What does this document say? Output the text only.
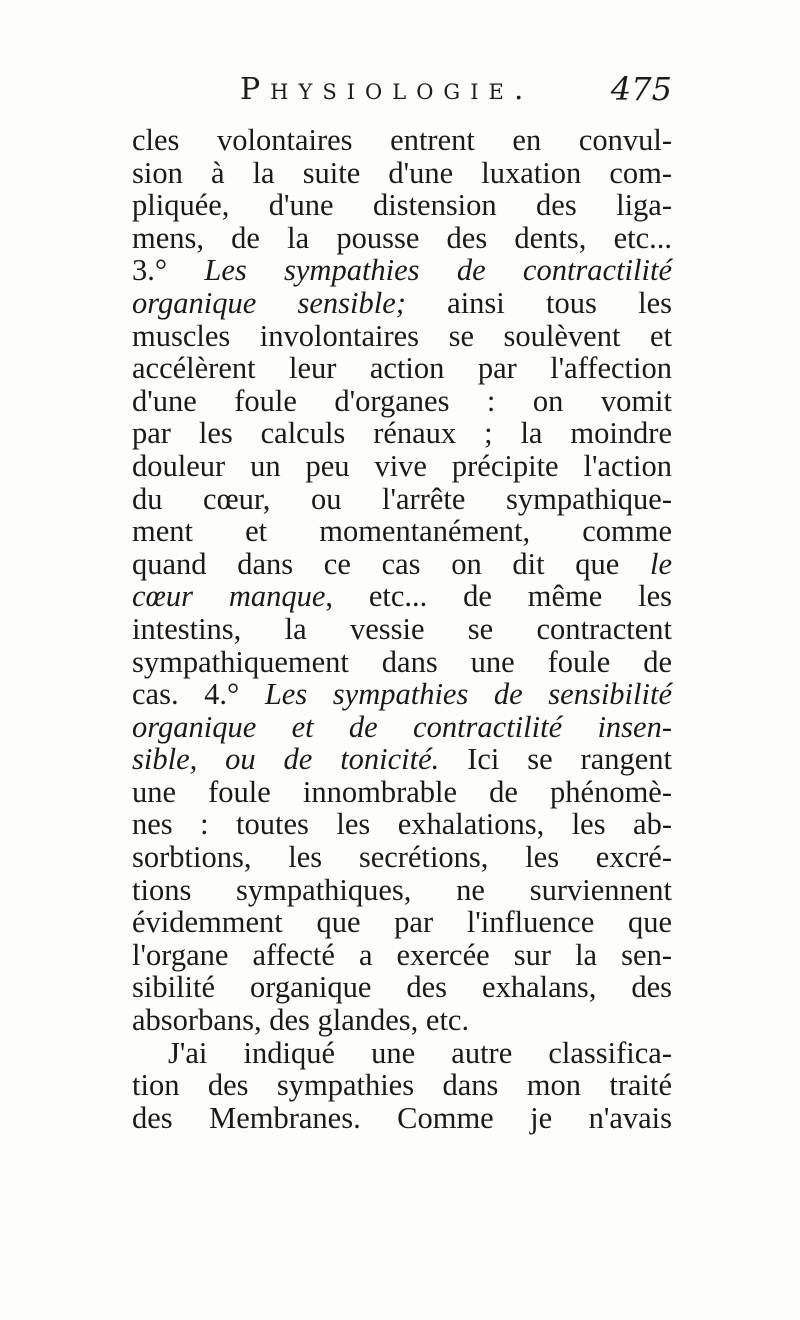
Physiologie. 475
cles volontaires entrent en convul-
sion à la suite d'une luxation com-
pliquée, d'une distension des liga-
mens, de la pousse des dents, etc...
3.° Les sympathies de contractilité
organique sensible; ainsi tous les
muscles involontaires se soulèvent et
accélèrent leur action par l'affection
d'une foule d'organes : on vomit
par les calculs rénaux ; la moindre
douleur un peu vive précipite l'action
du cœur, ou l'arrête sympathique-
ment et momentanément, comme
quand dans ce cas on dit que le
cœur manque, etc... de même les
intestins, la vessie se contractent
sympathiquement dans une foule de
cas. 4.° Les sympathies de sensibilité
organique et de contractilité insen-
sible, ou de tonicité. Ici se rangent
une foule innombrable de phénomè-
nes : toutes les exhalations, les ab-
sorbtions, les secrétions, les excré-
tions sympathiques, ne surviennent
évidemment que par l'influence que
l'organe affecté a exercée sur la sen-
sibilité organique des exhalans, des
absorbans, des glandes, etc.
J'ai indiqué une autre classifica-
tion des sympathies dans mon traité
des Membranes. Comme je n'avais
